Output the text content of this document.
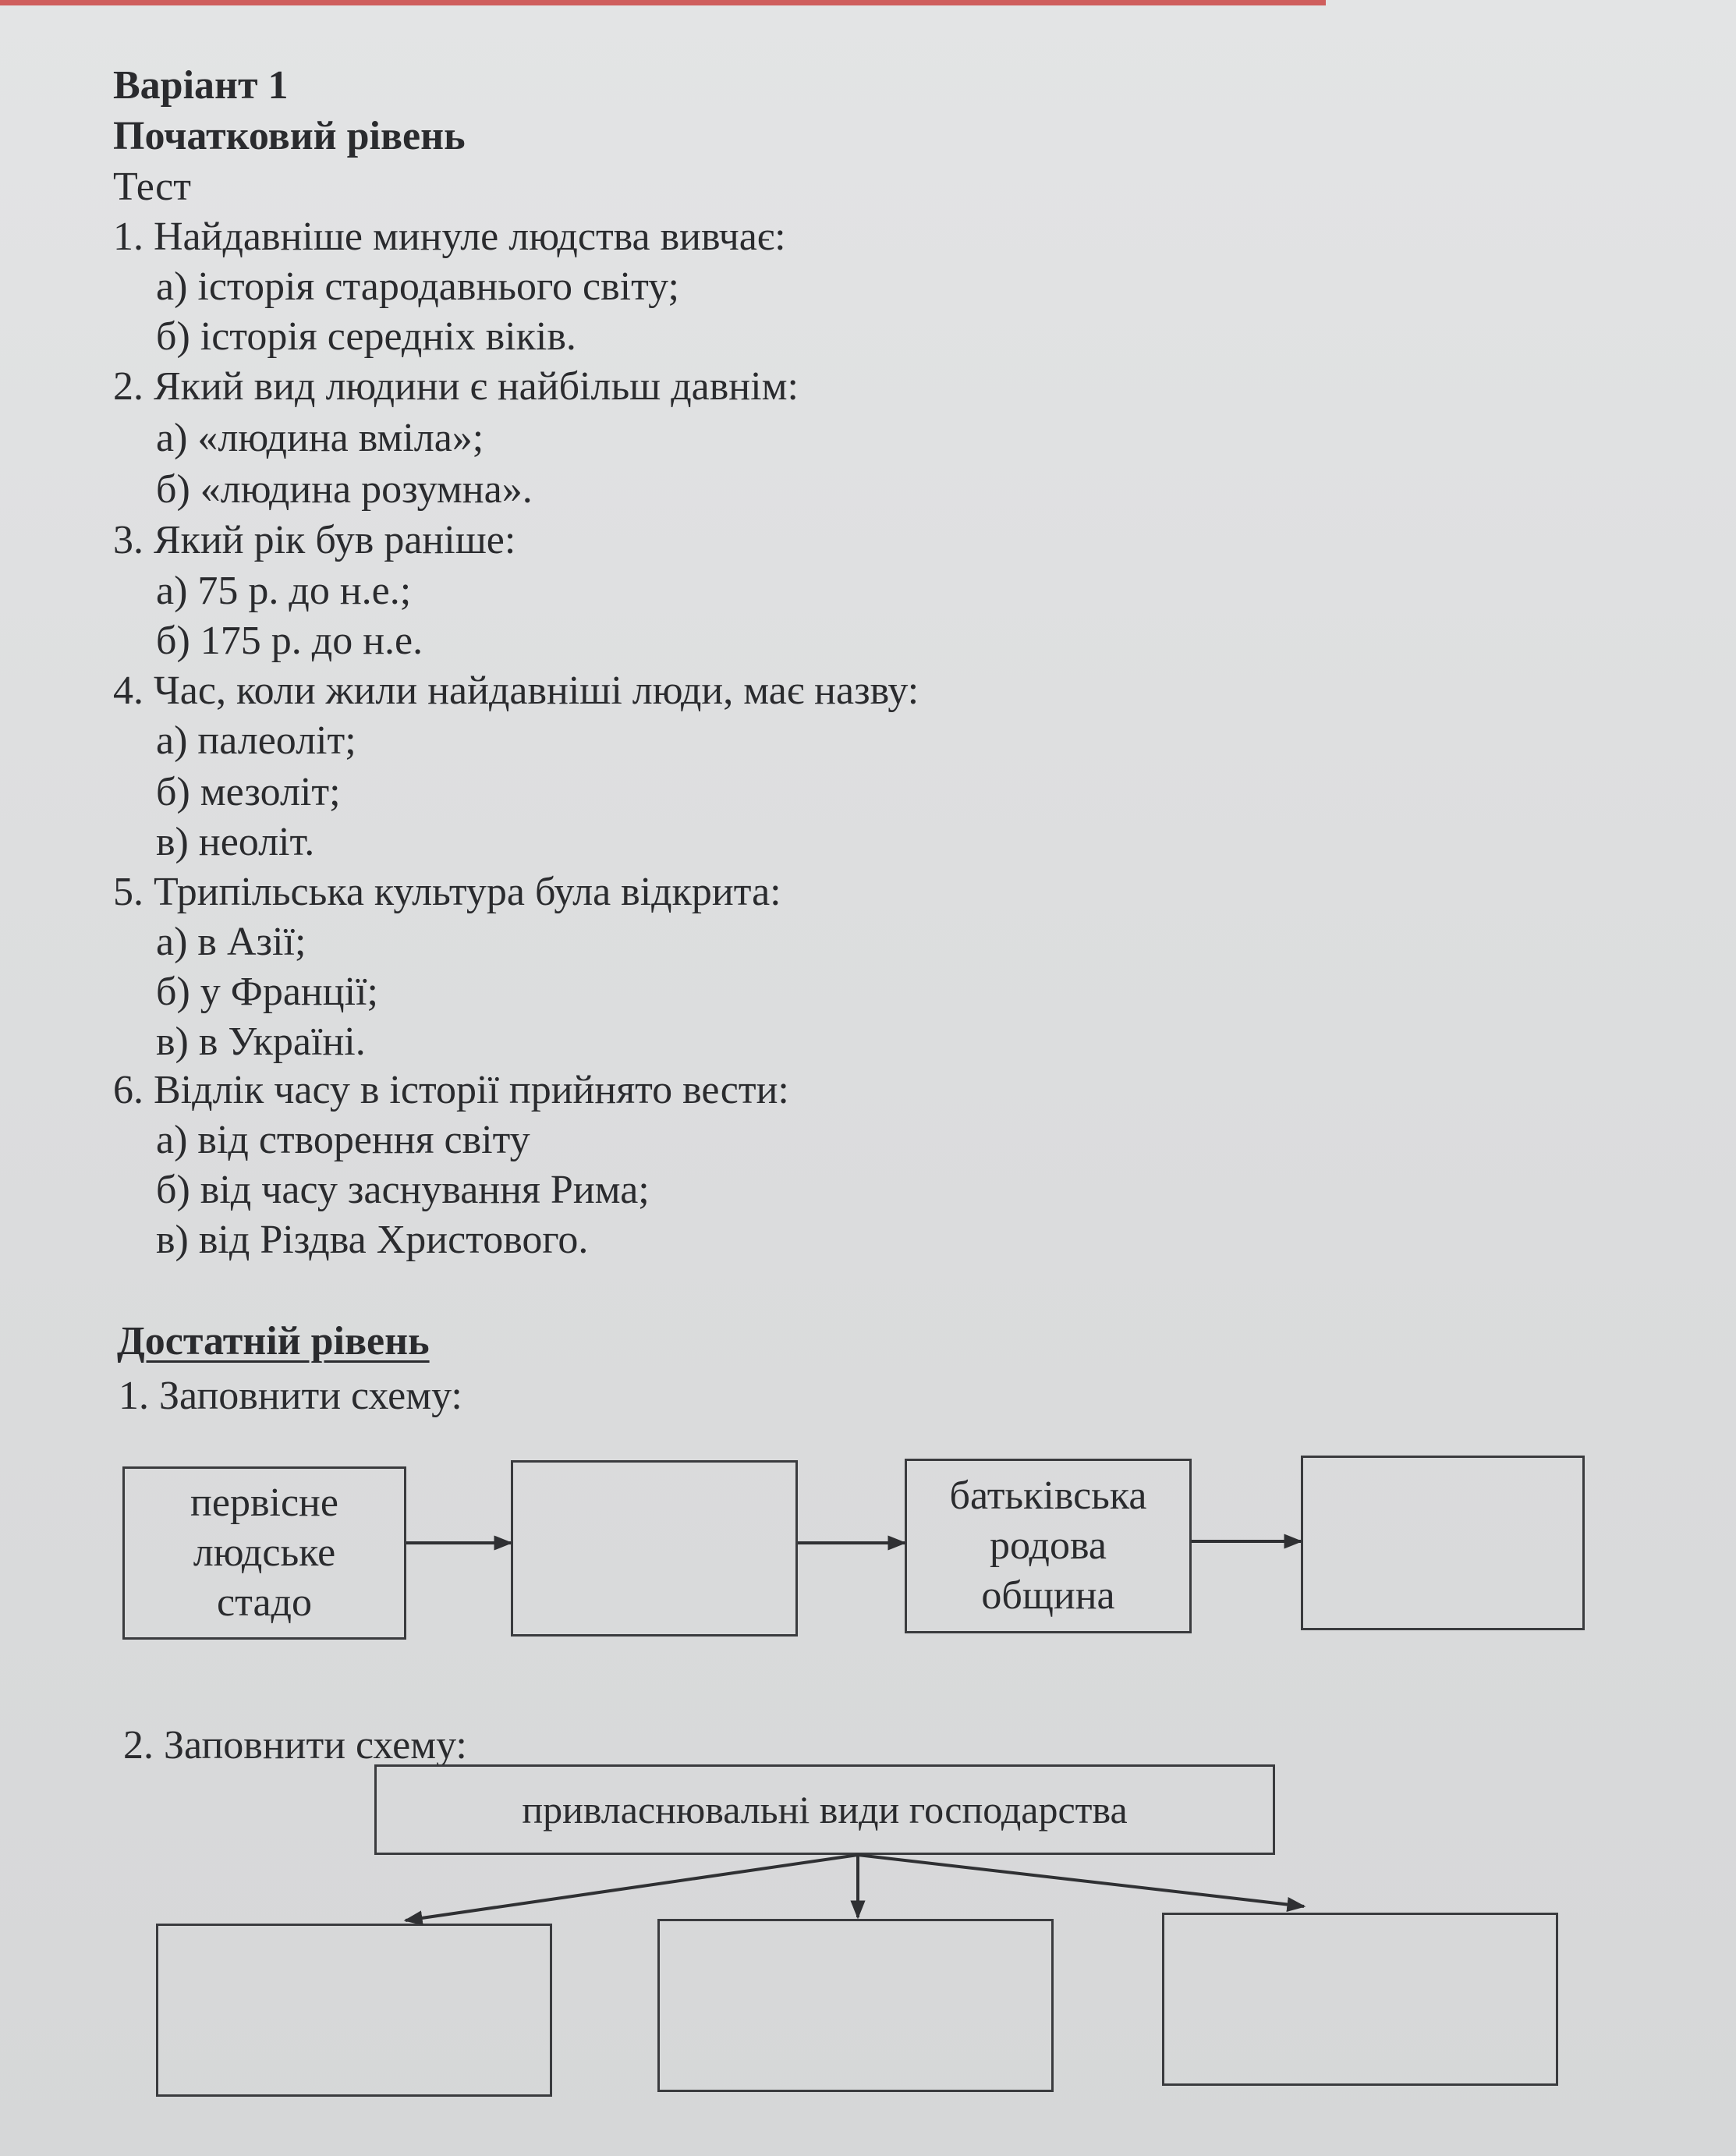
Варіант 1
Початковий рівень
Тест
1. Найдавніше минуле людства вивчає:
а) історія стародавнього світу;
б) історія середніх віків.
2. Який вид людини є найбільш давнім:
а) «людина вміла»;
б) «людина розумна».
3. Який рік був раніше:
а) 75 р. до н.е.;
б) 175 р. до н.е.
4. Час, коли жили найдавніші люди, має назву:
а) палеоліт;
б) мезоліт;
в) неоліт.
5. Трипільська культура була відкрита:
а) в Азії;
б) у Франції;
в) в Україні.
6. Відлік часу в історії прийнято вести:
а) від створення світу
б) від часу заснування Рима;
в) від Різдва Христового.
Достатній рівень
1. Заповнити схему:
первісне
людське
стадо
батьківська
родова
община
2. Заповнити схему:
привласнювальні види господарства
